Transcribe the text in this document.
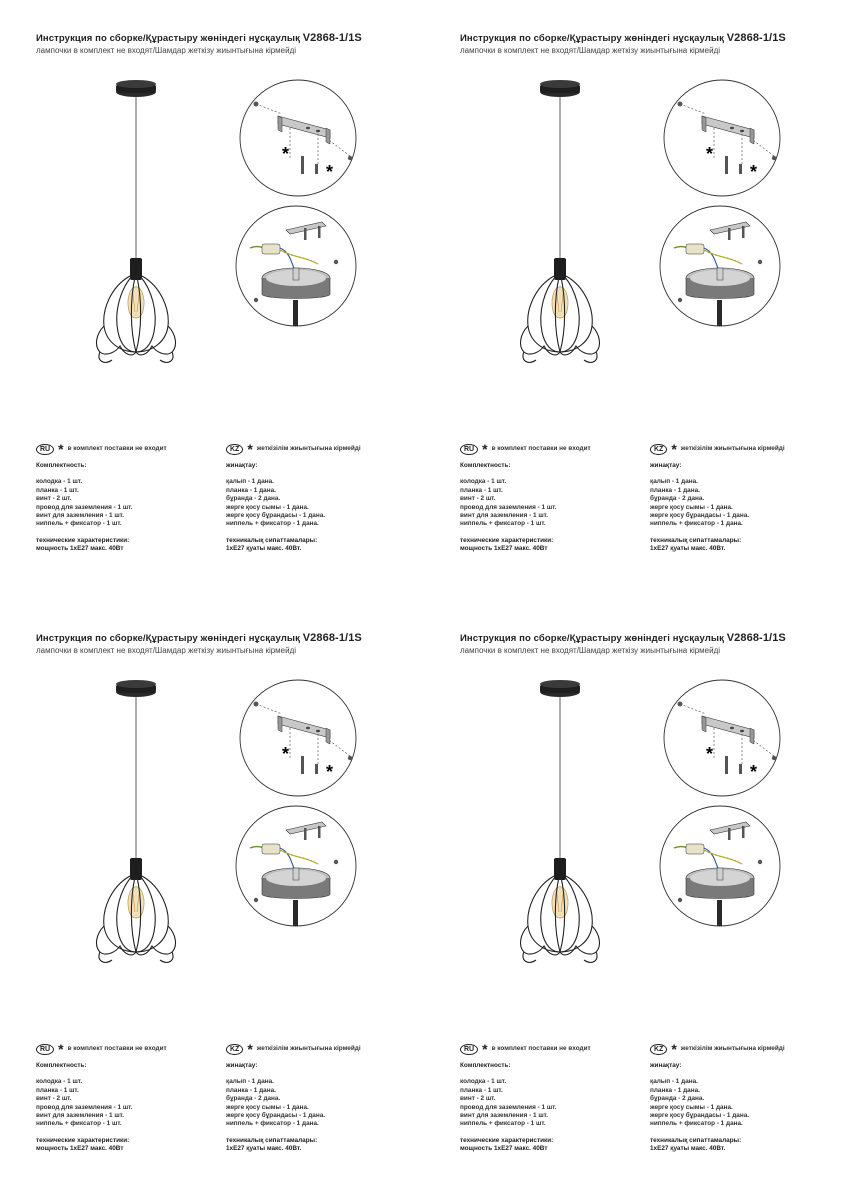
Инструкция по сборке/Құрастыру жөніндегі нұсқаулық V2868-1/1S
лампочки в комплект не входят/Шамдар жеткізу жиынтығына кірмейді
*
*
RU * в комплект поставки не входит
Комплектность:
колодка - 1 шт.
планка - 1 шт.
винт - 2 шт.
провод для заземления - 1 шт.
винт для заземления - 1 шт.
ниппель + фиксатор - 1 шт.
технические характеристики:
мощность 1хЕ27 макс. 40Вт
KZ * жеткізілім жиынтығына кірмейді
жинақтау:
қалып - 1 дана.
планка - 1 дана.
бұранда - 2 дана.
жерге қосу сымы - 1 дана.
жерге қосу бұрандасы - 1 дана.
ниппель + фиксатор - 1 дана.
техникалық сипаттамалары:
1хЕ27 қуаты макс. 40Вт.
Инструкция по сборке/Құрастыру жөніндегі нұсқаулық V2868-1/1S
лампочки в комплект не входят/Шамдар жеткізу жиынтығына кірмейді
*
*
RU * в комплект поставки не входит
Комплектность:
колодка - 1 шт.
планка - 1 шт.
винт - 2 шт.
провод для заземления - 1 шт.
винт для заземления - 1 шт.
ниппель + фиксатор - 1 шт.
технические характеристики:
мощность 1хЕ27 макс. 40Вт
KZ * жеткізілім жиынтығына кірмейді
жинақтау:
қалып - 1 дана.
планка - 1 дана.
бұранда - 2 дана.
жерге қосу сымы - 1 дана.
жерге қосу бұрандасы - 1 дана.
ниппель + фиксатор - 1 дана.
техникалық сипаттамалары:
1хЕ27 қуаты макс. 40Вт.
Инструкция по сборке/Құрастыру жөніндегі нұсқаулық V2868-1/1S
лампочки в комплект не входят/Шамдар жеткізу жиынтығына кірмейді
*
*
RU * в комплект поставки не входит
Комплектность:
колодка - 1 шт.
планка - 1 шт.
винт - 2 шт.
провод для заземления - 1 шт.
винт для заземления - 1 шт.
ниппель + фиксатор - 1 шт.
технические характеристики:
мощность 1хЕ27 макс. 40Вт
KZ * жеткізілім жиынтығына кірмейді
жинақтау:
қалып - 1 дана.
планка - 1 дана.
бұранда - 2 дана.
жерге қосу сымы - 1 дана.
жерге қосу бұрандасы - 1 дана.
ниппель + фиксатор - 1 дана.
техникалық сипаттамалары:
1хЕ27 қуаты макс. 40Вт.
Инструкция по сборке/Құрастыру жөніндегі нұсқаулық V2868-1/1S
лампочки в комплект не входят/Шамдар жеткізу жиынтығына кірмейді
*
*
RU * в комплект поставки не входит
Комплектность:
колодка - 1 шт.
планка - 1 шт.
винт - 2 шт.
провод для заземления - 1 шт.
винт для заземления - 1 шт.
ниппель + фиксатор - 1 шт.
технические характеристики:
мощность 1хЕ27 макс. 40Вт
KZ * жеткізілім жиынтығына кірмейді
жинақтау:
қалып - 1 дана.
планка - 1 дана.
бұранда - 2 дана.
жерге қосу сымы - 1 дана.
жерге қосу бұрандасы - 1 дана.
ниппель + фиксатор - 1 дана.
техникалық сипаттамалары:
1хЕ27 қуаты макс. 40Вт.
